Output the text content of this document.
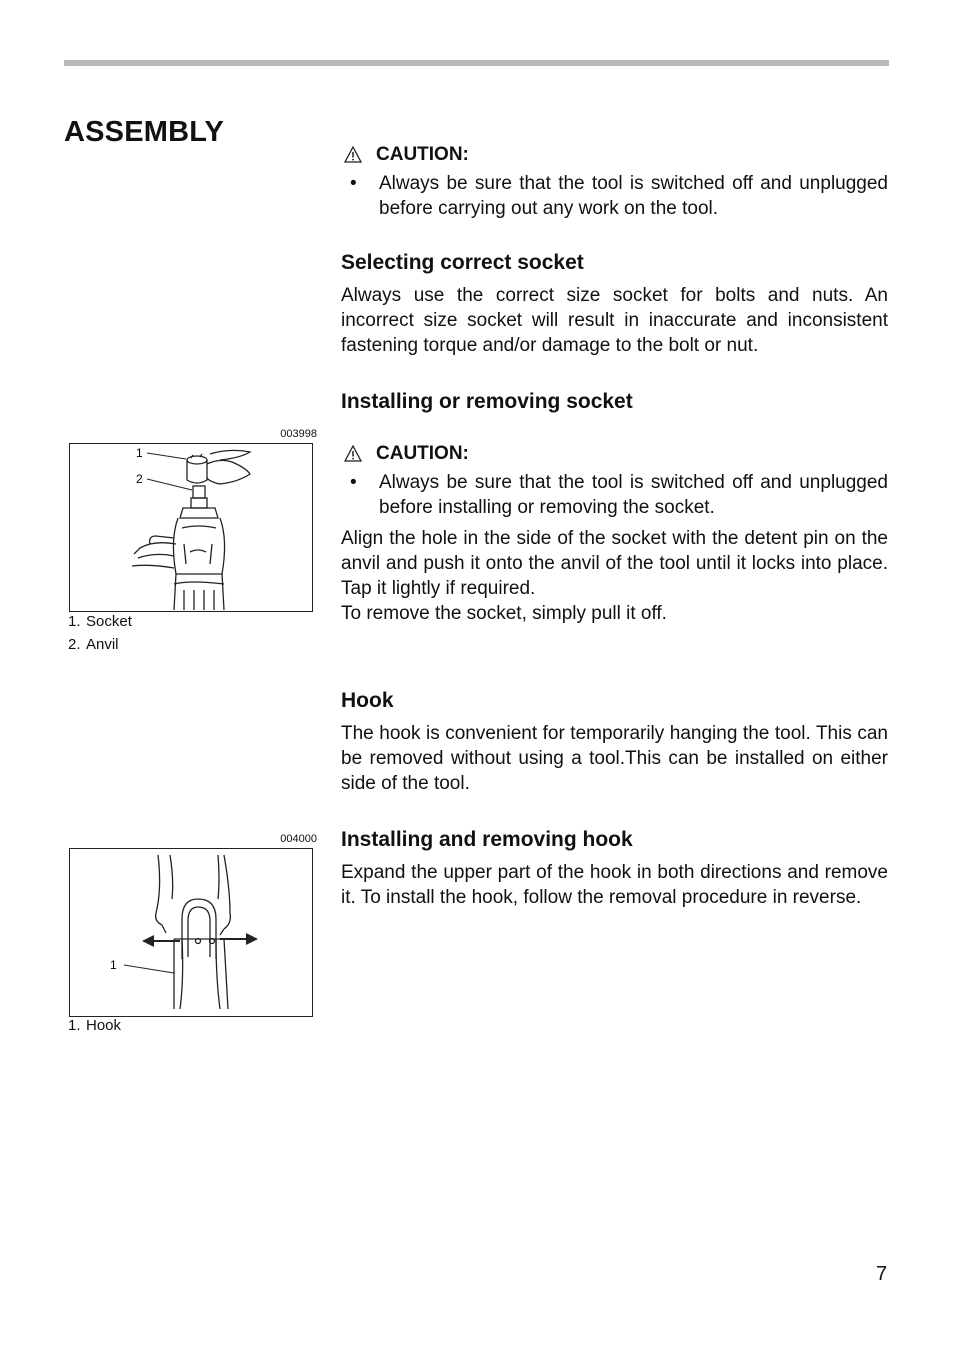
ASSEMBLY
CAUTION:
•	Always be sure that the tool is switched off and unplugged before carrying out any work on the tool.
Selecting correct socket

Always use the correct size socket for bolts and nuts. An incorrect size socket will result in inaccurate and inconsistent fastening torque and/or damage to the bolt or nut.

Installing or removing socket
CAUTION:
•	Always be sure that the tool is switched off and unplugged before installing or removing the socket.

Align the hole in the side of the socket with the detent pin on the anvil and push it onto the anvil of the tool until it locks into place. Tap it lightly if required.

To remove the socket, simply pull it off.

Hook

The hook is convenient for temporarily hanging the tool. This can be removed without using a tool.This can be installed on either side of the tool.

Installing and removing hook

Expand the upper part of the hook in both directions and remove it. To install the hook, follow the removal procedure in reverse.

003998
1
2
1. Socket
2. Anvil
004000
1
1. Hook
7
